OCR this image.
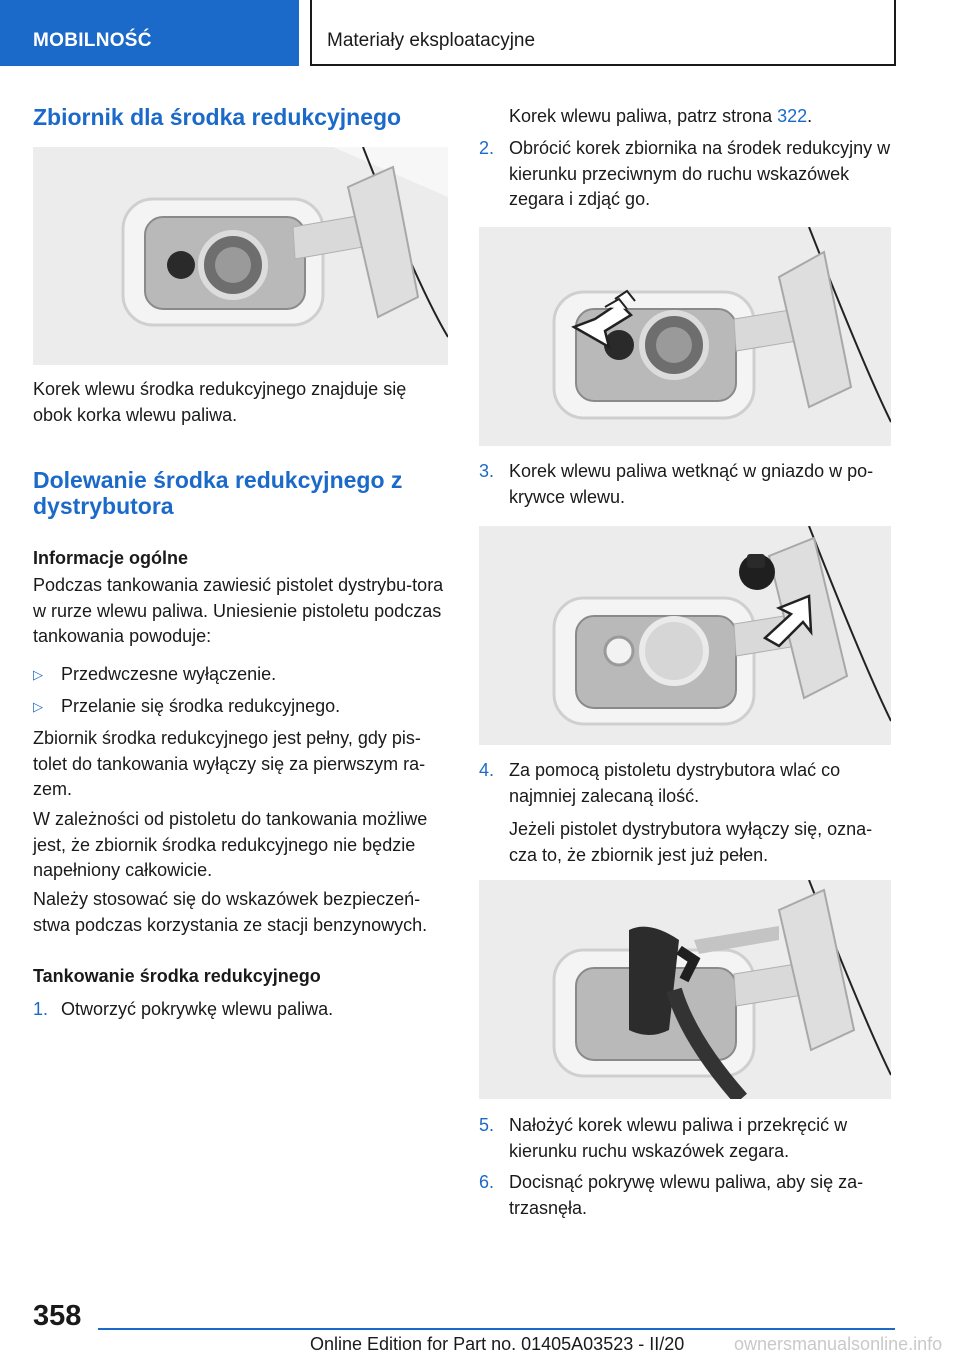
MOBILNOŚĆ	Materiały eksploatacyjne
Zbiornik dla środka redukcyjnego

Korek wlewu środka redukcyjnego znajduje się obok korka wlewu paliwa.

Dolewanie środka redukcyjnego z dystrybutora
Informacje ogólne

Podczas tankowania zawiesić pistolet dystrybu-tora w rurze wlewu paliwa. Uniesienie pistoletu podczas tankowania powoduje:

▷ Przedwczesne wyłączenie.
▷ Przelanie się środka redukcyjnego.

Zbiornik środka redukcyjnego jest pełny, gdy pis-tolet do tankowania wyłączy się za pierwszym ra-zem.

W zależności od pistoletu do tankowania możliwe jest, że zbiornik środka redukcyjnego nie będzie napełniony całkowicie.

Należy stosować się do wskazówek bezpieczeń-stwa podczas korzystania ze stacji benzynowych.

Tankowanie środka redukcyjnego
1. Otworzyć pokrywkę wlewu paliwa.

Korek wlewu paliwa, patrz strona 322.

2. Obrócić korek zbiornika na środek redukcyjny w kierunku przeciwnym do ruchu wskazówek zegara i zdjąć go.
3. Korek wlewu paliwa wetknąć w gniazdo w po-krywce wlewu.
4. Za pomocą pistoletu dystrybutora wlać co najmniej zalecaną ilość.

Jeżeli pistolet dystrybutora wyłączy się, ozna-cza to, że zbiornik jest już pełen.

5. Nałożyć korek wlewu paliwa i przekręcić w kierunku ruchu wskazówek zegara.
6. Docisnąć pokrywę wlewu paliwa, aby się za-trzasnęła.
358
Online Edition for Part no. 01405A03523 - II/20	ownersmanualsonline.info
